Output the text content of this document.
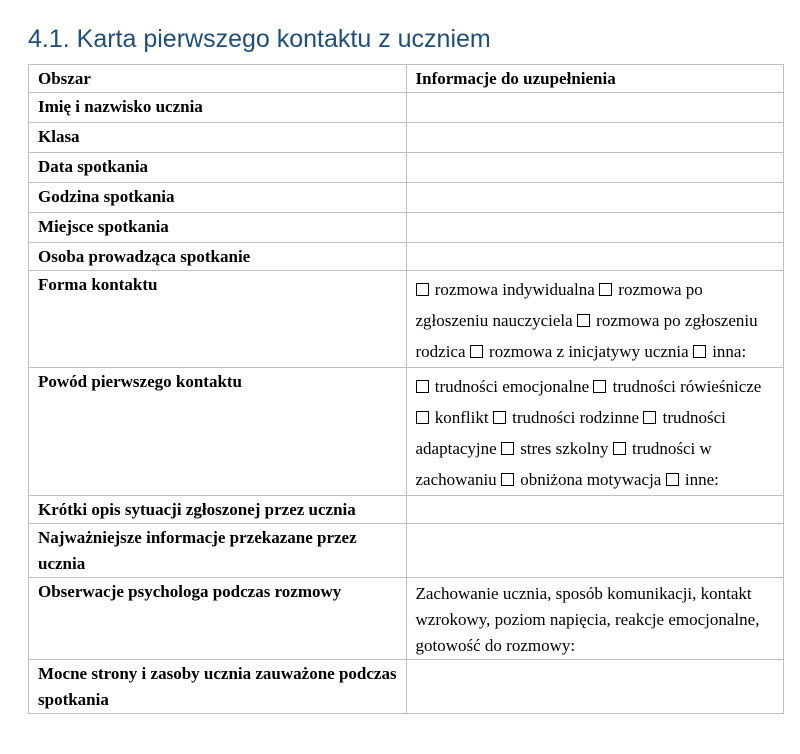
4.1. Karta pierwszego kontaktu z uczniem
Obszar	Informacje do uzupełnienia
Imię i nazwisko ucznia	
Klasa	
Data spotkania	
Godzina spotkania	
Miejsce spotkania	
Osoba prowadząca spotkanie	
Forma kontaktu	rozmowa indywidualna rozmowa po zgłoszeniu nauczyciela rozmowa po zgłoszeniu rodzica rozmowa z inicjatywy ucznia inna:
Powód pierwszego kontaktu	trudności emocjonalne trudności rówieśnicze  konflikt trudności rodzinne trudności adaptacyjne stres szkolny trudności w zachowaniu obniżona motywacja inne:
Krótki opis sytuacji zgłoszonej przez ucznia	
Najważniejsze informacje przekazane przez ucznia	
Obserwacje psychologa podczas rozmowy	Zachowanie ucznia, sposób komunikacji, kontakt wzrokowy, poziom napięcia, reakcje emocjonalne, gotowość do rozmowy:
Mocne strony i zasoby ucznia zauważone podczas spotkania	
